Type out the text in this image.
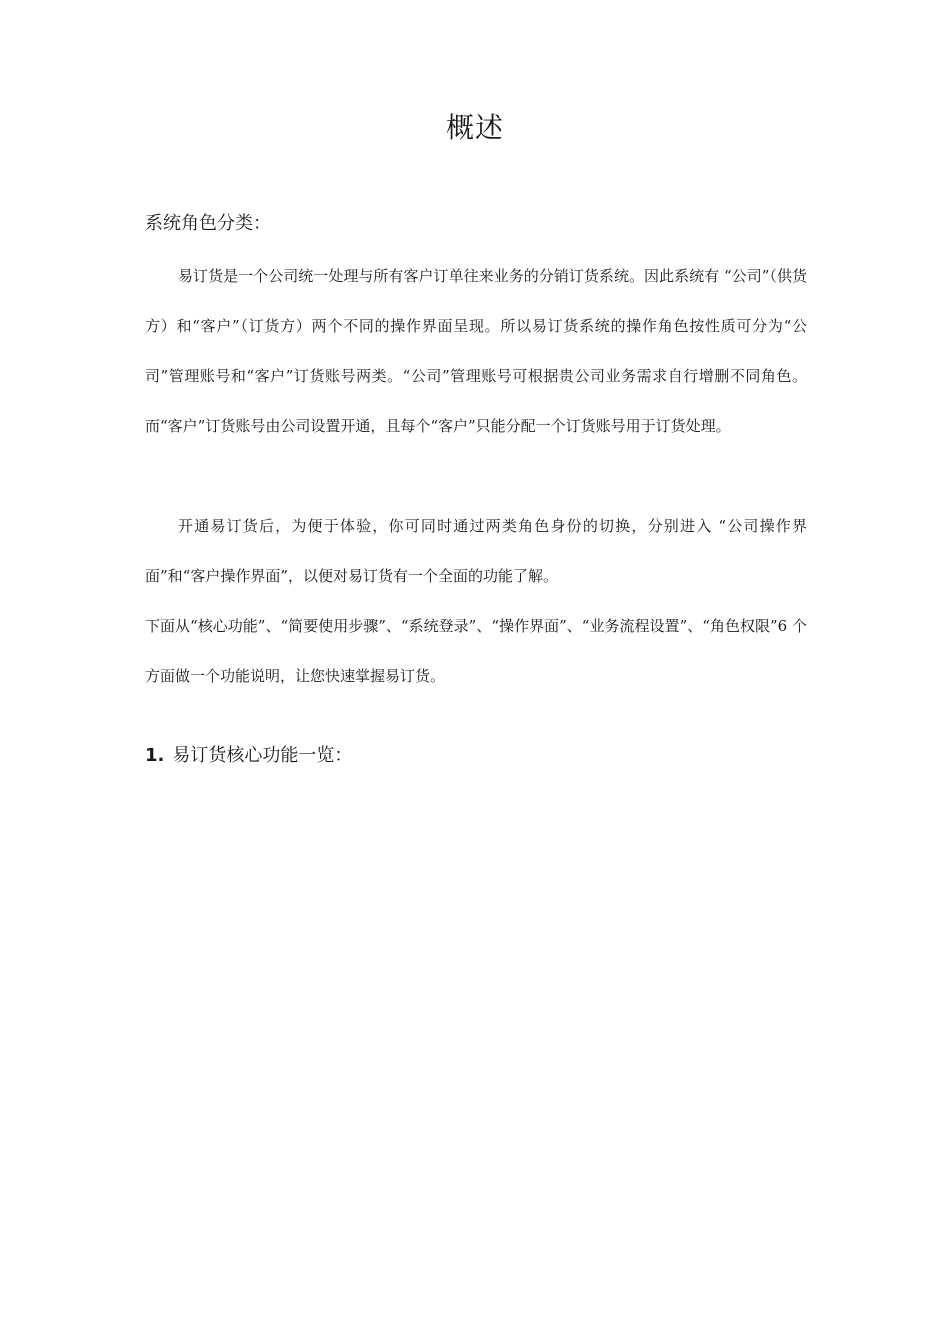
概述
系统角色分类：

易订货是一个公司统一处理与所有客户订单往来业务的分销订货系统。因此系统有 “公司”（供货方）和“客户”（订货方）两个不同的操作界面呈现。所以易订货系统的操作角色按性质可分为“公司”管理账号和“客户”订货账号两类。“公司”管理账号可根据贵公司业务需求自行增删不同角色。而“客户”订货账号由公司设置开通，且每个“客户”只能分配一个订货账号用于订货处理。

开通易订货后，为便于体验，你可同时通过两类角色身份的切换，分别进入 “公司操作界面”和“客户操作界面”，以便对易订货有一个全面的功能了解。

下面从“核心功能”、“简要使用步骤”、“系统登录”、“操作界面”、“业务流程设置”、“角色权限”6 个方面做一个功能说明，让您快速掌握易订货。

1. 易订货核心功能一览：
